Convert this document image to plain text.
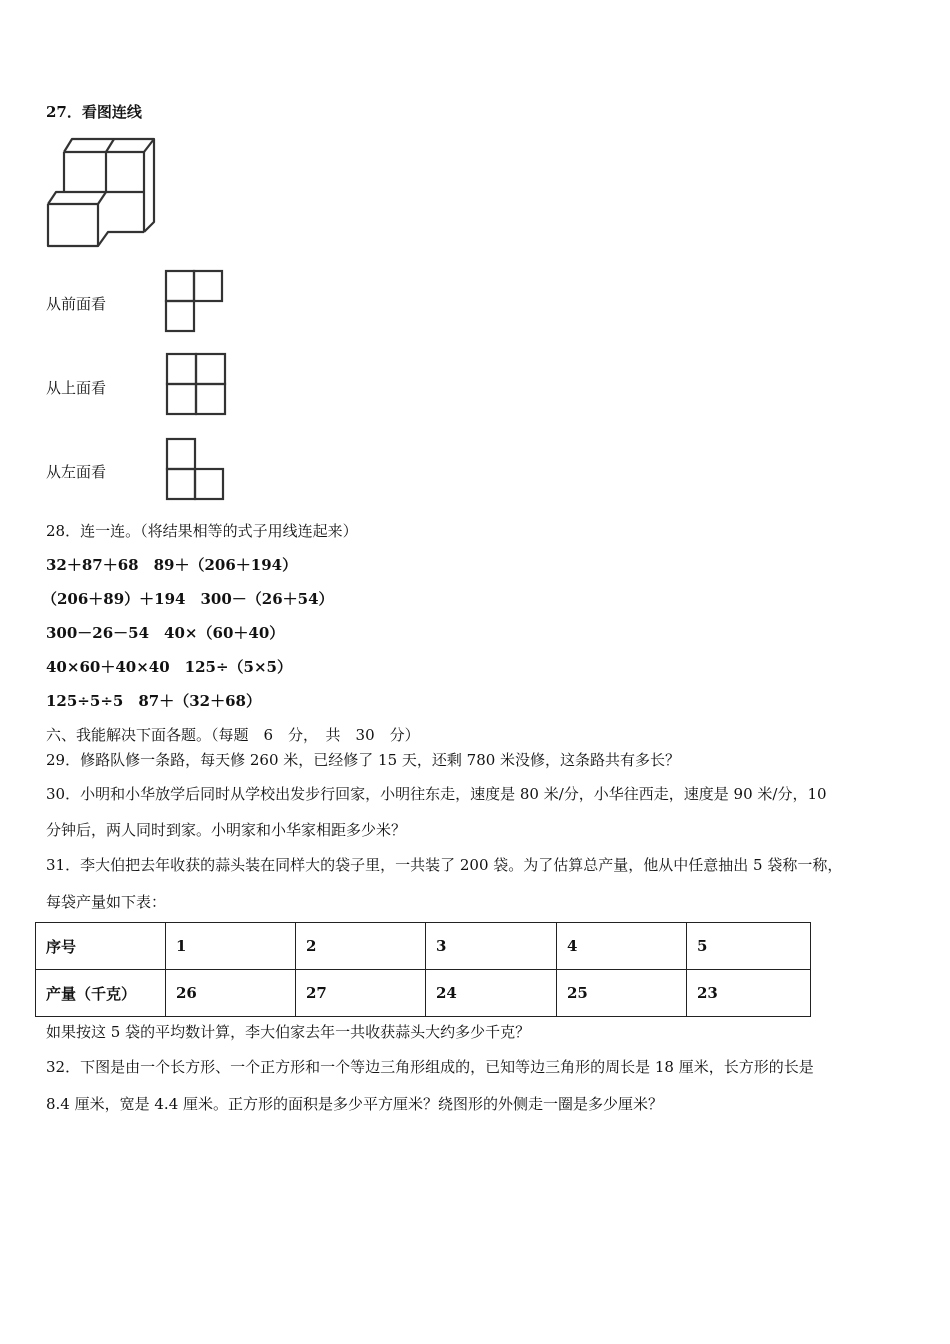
27．看图连线
从前面看
从上面看
从左面看
28．连一连。（将结果相等的式子用线连起来）
32＋87＋68　89＋（206＋194）
（206＋89）＋194　300－（26＋54）
300－26－54　40×（60＋40）
40×60＋40×40　125÷（5×5）
125÷5÷5　87＋（32＋68）
六、我能解决下面各题。（每题　6　分，　共　30　分）
29．修路队修一条路，每天修 260 米，已经修了 15 天，还剩 780 米没修，这条路共有多长？
30．小明和小华放学后同时从学校出发步行回家，小明往东走，速度是 80 米/分，小华往西走，速度是 90 米/分，10
分钟后，两人同时到家。小明家和小华家相距多少米？
31．李大伯把去年收获的蒜头装在同样大的袋子里，一共装了 200 袋。为了估算总产量，他从中任意抽出 5 袋称一称，
每袋产量如下表：
序号	1	2	3	4	5
产量（千克）	26	27	24	25	23
如果按这 5 袋的平均数计算，李大伯家去年一共收获蒜头大约多少千克？
32．下图是由一个长方形、一个正方形和一个等边三角形组成的，已知等边三角形的周长是 18 厘米，长方形的长是
8.4 厘米，宽是 4.4 厘米。正方形的面积是多少平方厘米？绕图形的外侧走一圈是多少厘米？
